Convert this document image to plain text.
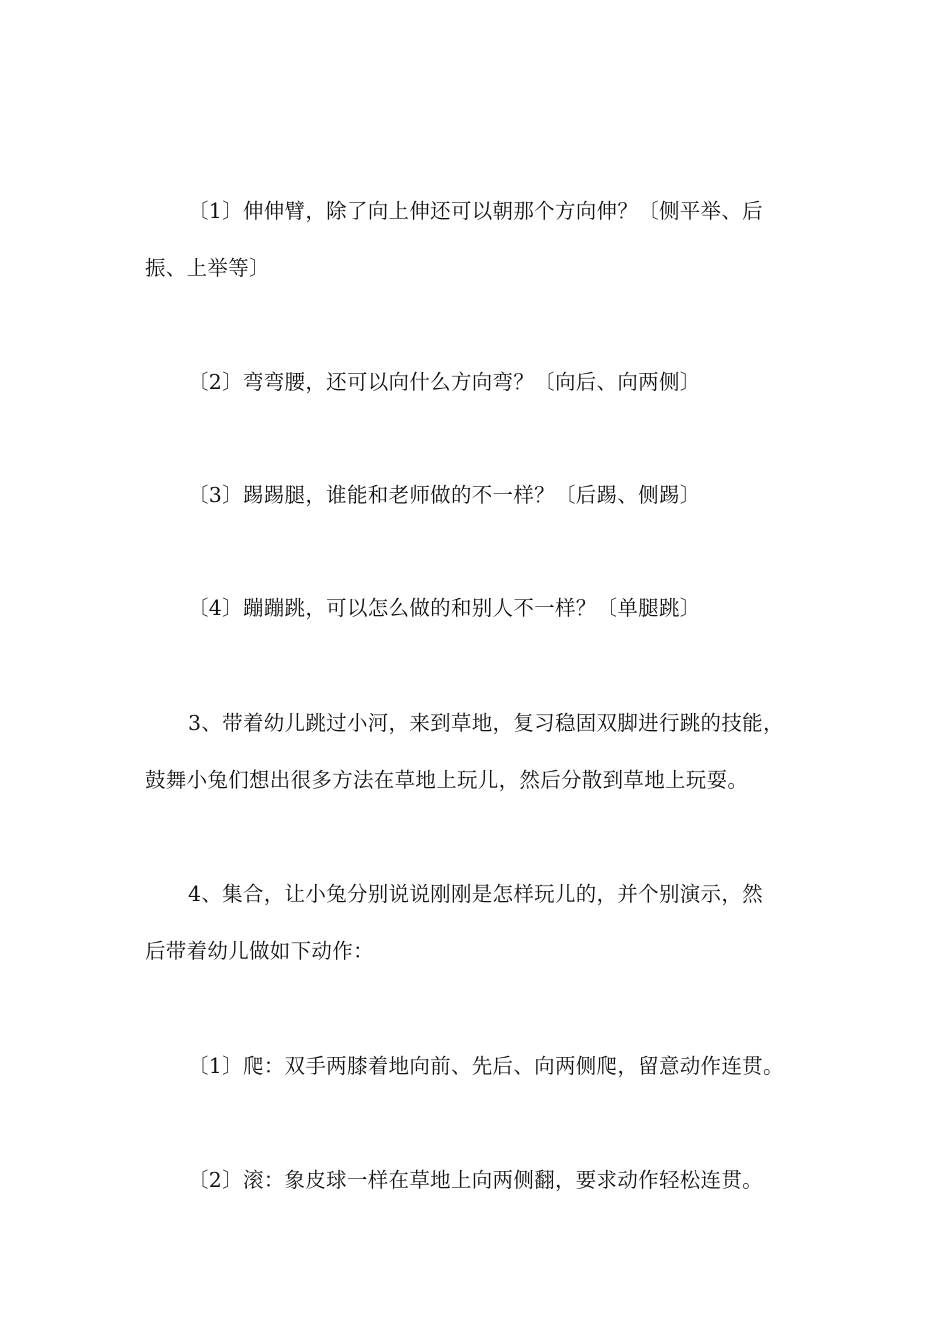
〔1〕伸伸臂，除了向上伸还可以朝那个方向伸？〔侧平举、后
振、上举等〕
〔2〕弯弯腰，还可以向什么方向弯？〔向后、向两侧〕
〔3〕踢踢腿，谁能和老师做的不一样？〔后踢、侧踢〕
〔4〕蹦蹦跳，可以怎么做的和别人不一样？〔单腿跳〕
3、带着幼儿跳过小河，来到草地，复习稳固双脚进行跳的技能，
鼓舞小兔们想出很多方法在草地上玩儿，然后分散到草地上玩耍。
4、集合，让小兔分别说说刚刚是怎样玩儿的，并个别演示，然
后带着幼儿做如下动作：
〔1〕爬：双手两膝着地向前、先后、向两侧爬，留意动作连贯。
〔2〕滚：象皮球一样在草地上向两侧翻，要求动作轻松连贯。
